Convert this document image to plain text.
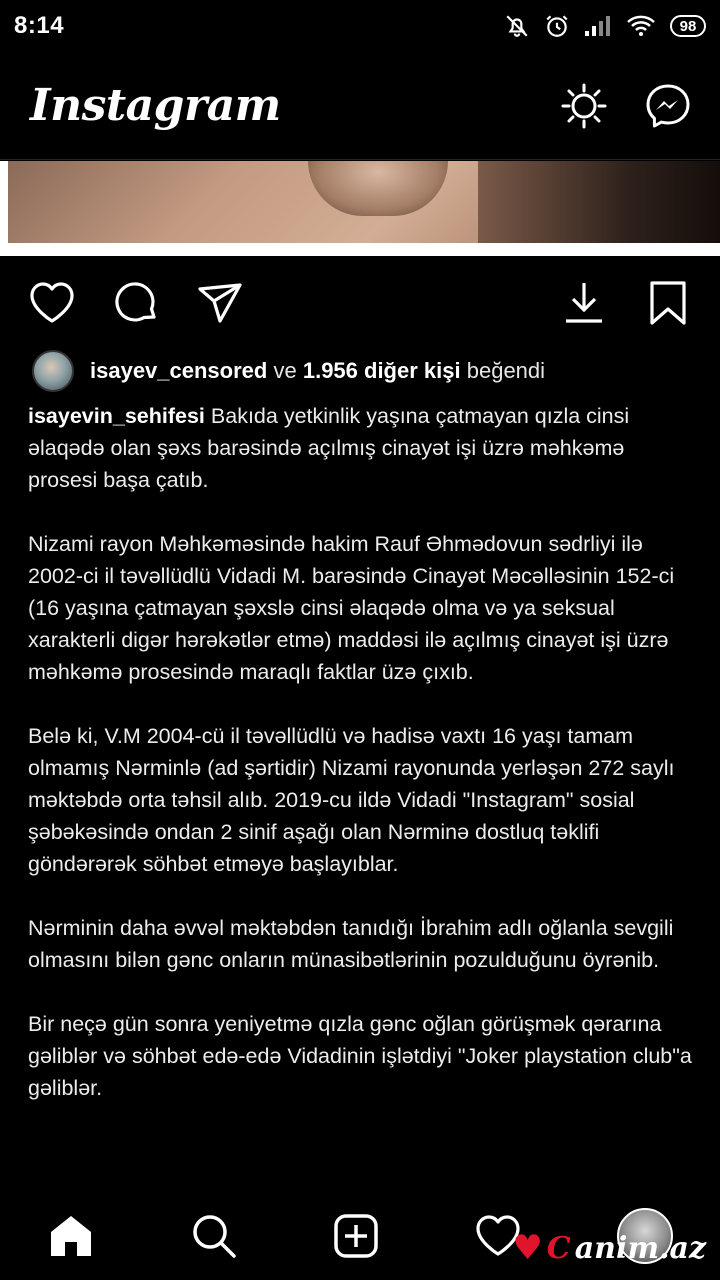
8:14	98
Instagram
isayev_censored ve 1.956 diğer kişi beğendi

isayevin_sehifesi Bakıda yetkinlik yaşına çatmayan qızla cinsi əlaqədə olan şəxs barəsində açılmış cinayət işi üzrə məhkəmə prosesi başa çatıb.

Nizami rayon Məhkəməsində hakim Rauf Əhmədovun sədrliyi ilə 2002-ci il təvəllüdlü Vidadi M. barəsində Cinayət Məcəlləsinin 152-ci (16 yaşına çatmayan şəxslə cinsi əlaqədə olma və ya seksual xarakterli digər hərəkətlər etmə) maddəsi ilə açılmış cinayət işi üzrə məhkəmə prosesində maraqlı faktlar üzə çıxıb.

Belə ki, V.M 2004-cü il təvəllüdlü və hadisə vaxtı 16 yaşı tamam olmamış Nərminlə (ad şərtidir) Nizami rayonunda yerləşən 272 saylı məktəbdə orta təhsil alıb. 2019-cu ildə Vidadi "Instagram" sosial şəbəkəsində ondan 2 sinif aşağı olan Nərminə dostluq təklifi göndərərək söhbət etməyə başlayıblar.

Nərminin daha əvvəl məktəbdən tanıdığı İbrahim adlı oğlanla sevgili olmasını bilən gənc onların münasibətlərinin pozulduğunu öyrənib.

Bir neçə gün sonra yeniyetmə qızla gənc oğlan görüşmək qərarına gəliblər və söhbət edə-edə Vidadinin işlətdiyi "Joker playstation club"a gəliblər.

♥ C anim.az
